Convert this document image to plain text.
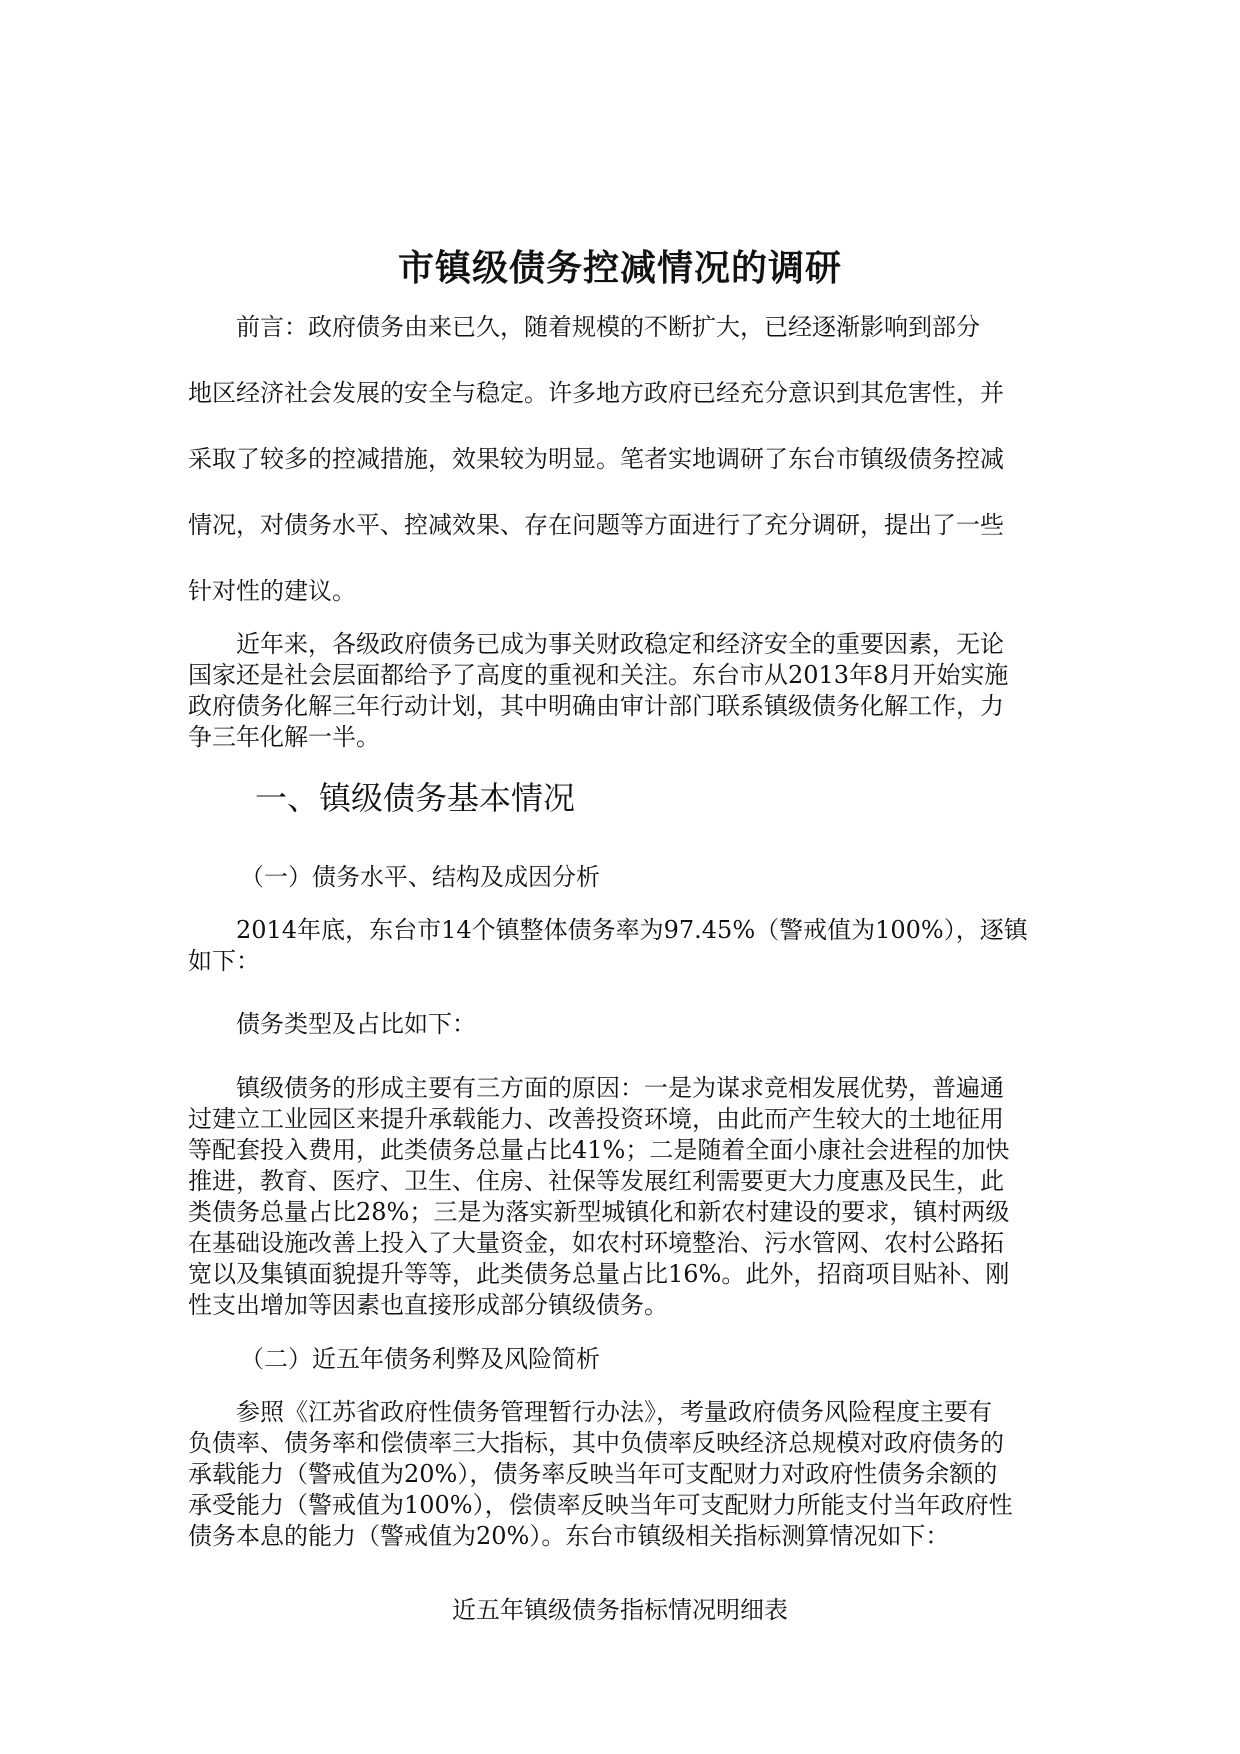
市镇级债务控减情况的调研
前言：政府债务由来已久，随着规模的不断扩大，已经逐渐影响到部分
地区经济社会发展的安全与稳定。许多地方政府已经充分意识到其危害性，并
采取了较多的控减措施，效果较为明显。笔者实地调研了东台市镇级债务控减
情况，对债务水平、控减效果、存在问题等方面进行了充分调研，提出了一些
针对性的建议。
近年来，各级政府债务已成为事关财政稳定和经济安全的重要因素，无论
国家还是社会层面都给予了高度的重视和关注。东台市从2013年8月开始实施
政府债务化解三年行动计划，其中明确由审计部门联系镇级债务化解工作，力
争三年化解一半。
一、镇级债务基本情况
（一）债务水平、结构及成因分析
2014年底，东台市14个镇整体债务率为97.45%（警戒值为100%），逐镇
如下：
债务类型及占比如下：
镇级债务的形成主要有三方面的原因：一是为谋求竞相发展优势，普遍通
过建立工业园区来提升承载能力、改善投资环境，由此而产生较大的土地征用
等配套投入费用，此类债务总量占比41%；二是随着全面小康社会进程的加快
推进，教育、医疗、卫生、住房、社保等发展红利需要更大力度惠及民生，此
类债务总量占比28%；三是为落实新型城镇化和新农村建设的要求，镇村两级
在基础设施改善上投入了大量资金，如农村环境整治、污水管网、农村公路拓
宽以及集镇面貌提升等等，此类债务总量占比16%。此外，招商项目贴补、刚
性支出增加等因素也直接形成部分镇级债务。
（二）近五年债务利弊及风险简析
参照《江苏省政府性债务管理暂行办法》，考量政府债务风险程度主要有
负债率、债务率和偿债率三大指标，其中负债率反映经济总规模对政府债务的
承载能力（警戒值为20%），债务率反映当年可支配财力对政府性债务余额的
承受能力（警戒值为100%），偿债率反映当年可支配财力所能支付当年政府性
债务本息的能力（警戒值为20%）。东台市镇级相关指标测算情况如下：
近五年镇级债务指标情况明细表
